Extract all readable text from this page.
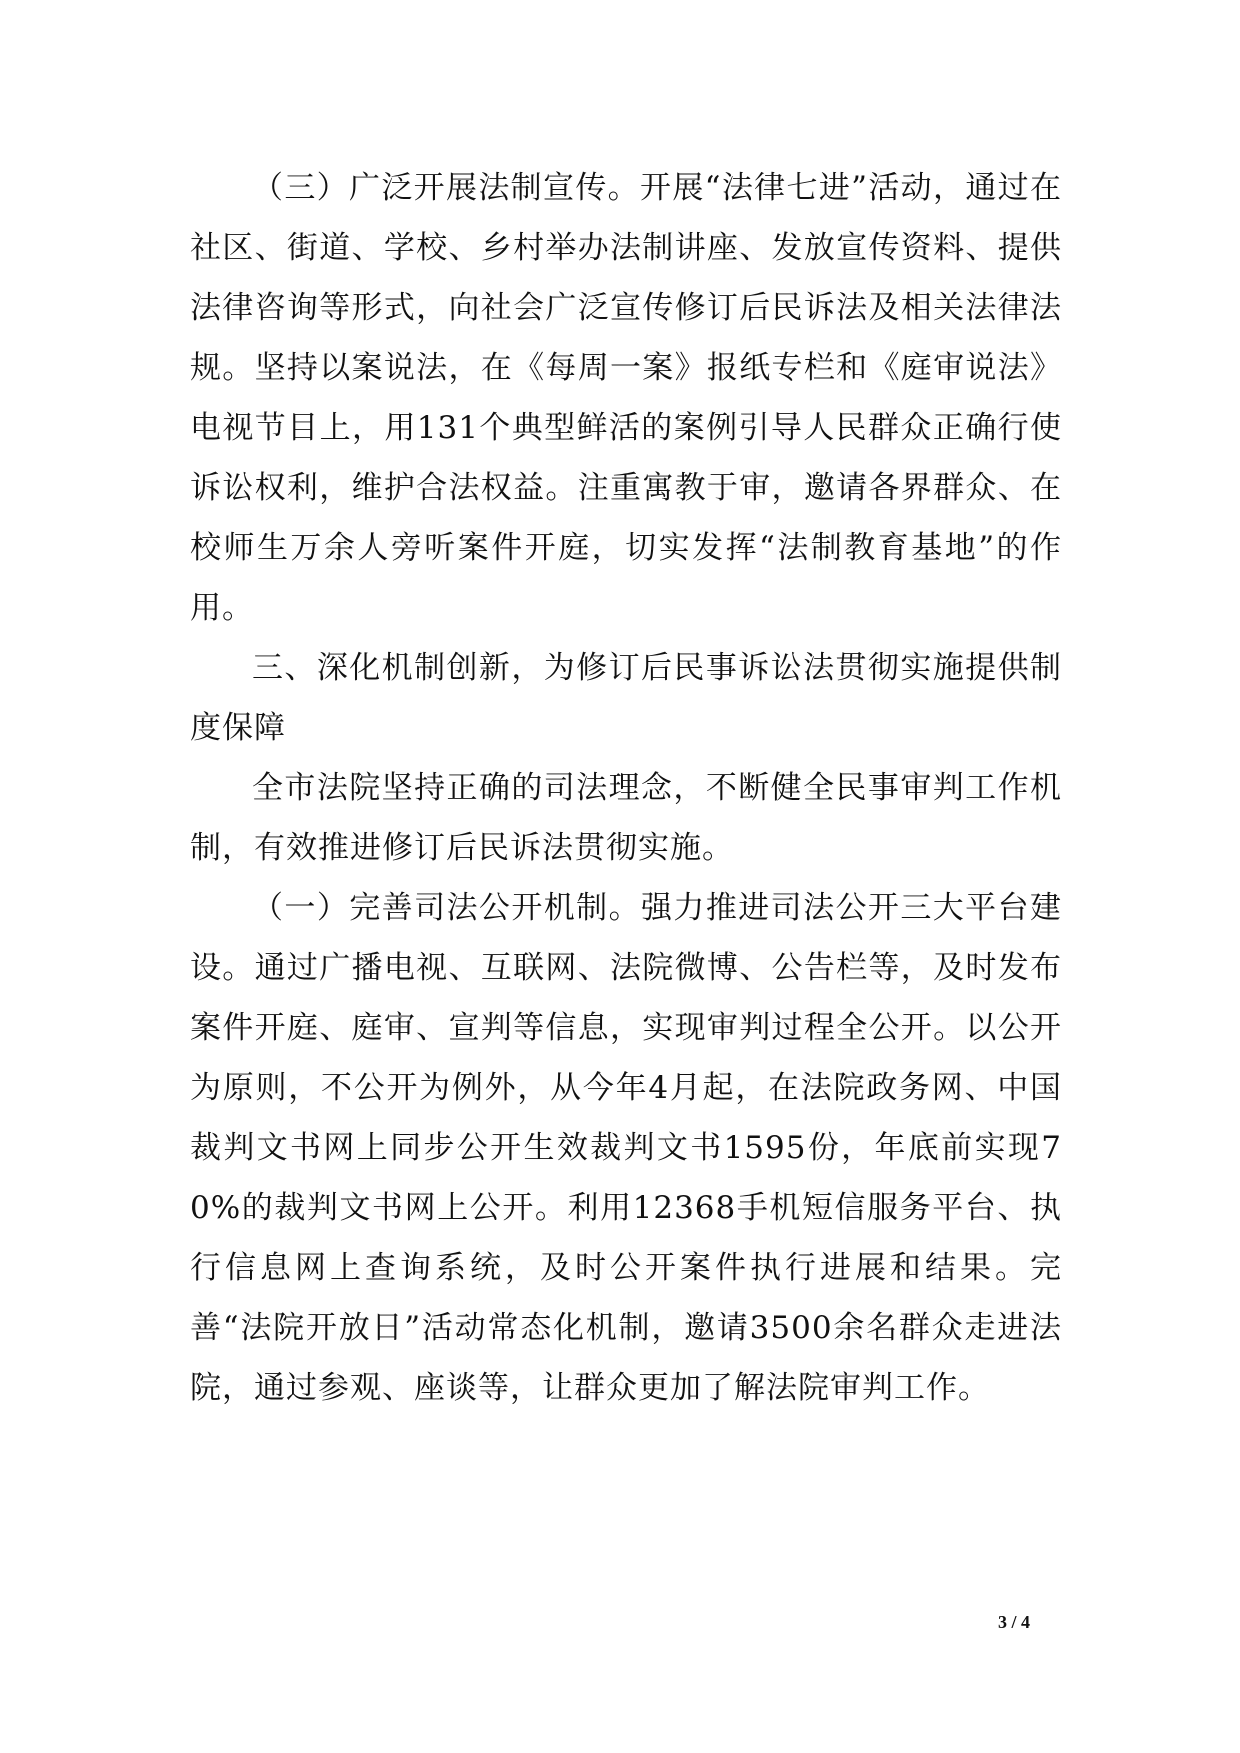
（三）广泛开展法制宣传。开展“法律七进”活动，通过在社区、街道、学校、乡村举办法制讲座、发放宣传资料、提供法律咨询等形式，向社会广泛宣传修订后民诉法及相关法律法规。坚持以案说法，在《每周一案》报纸专栏和《庭审说法》电视节目上，用131个典型鲜活的案例引导人民群众正确行使诉讼权利，维护合法权益。注重寓教于审，邀请各界群众、在校师生万余人旁听案件开庭，切实发挥“法制教育基地”的作用。

三、深化机制创新，为修订后民事诉讼法贯彻实施提供制度保障

全市法院坚持正确的司法理念，不断健全民事审判工作机制，有效推进修订后民诉法贯彻实施。

（一）完善司法公开机制。强力推进司法公开三大平台建设。通过广播电视、互联网、法院微博、公告栏等，及时发布案件开庭、庭审、宣判等信息，实现审判过程全公开。以公开为原则，不公开为例外，从今年4月起，在法院政务网、中国裁判文书网上同步公开生效裁判文书1595份，年底前实现70%的裁判文书网上公开。利用12368手机短信服务平台、执行信息网上查询系统，及时公开案件执行进展和结果。完善“法院开放日”活动常态化机制，邀请3500余名群众走进法院，通过参观、座谈等，让群众更加了解法院审判工作。

3 / 4
